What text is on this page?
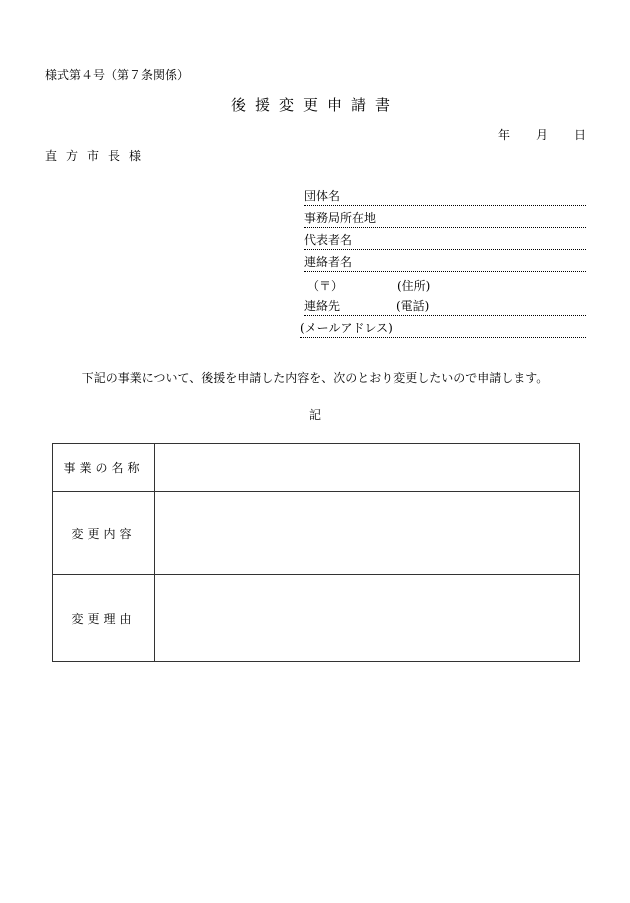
様式第４号（第７条関係）
後援変更申請書
年 月 日
直方市長様
団体名
事務局所在地
代表者名
連絡者名
（〒）	(住所)
連絡先	(電話)
(メールアドレス)
下記の事業について、後援を申請した内容を、次のとおり変更したいので申請します。
記
事業の名称	
変更内容	
変更理由	
